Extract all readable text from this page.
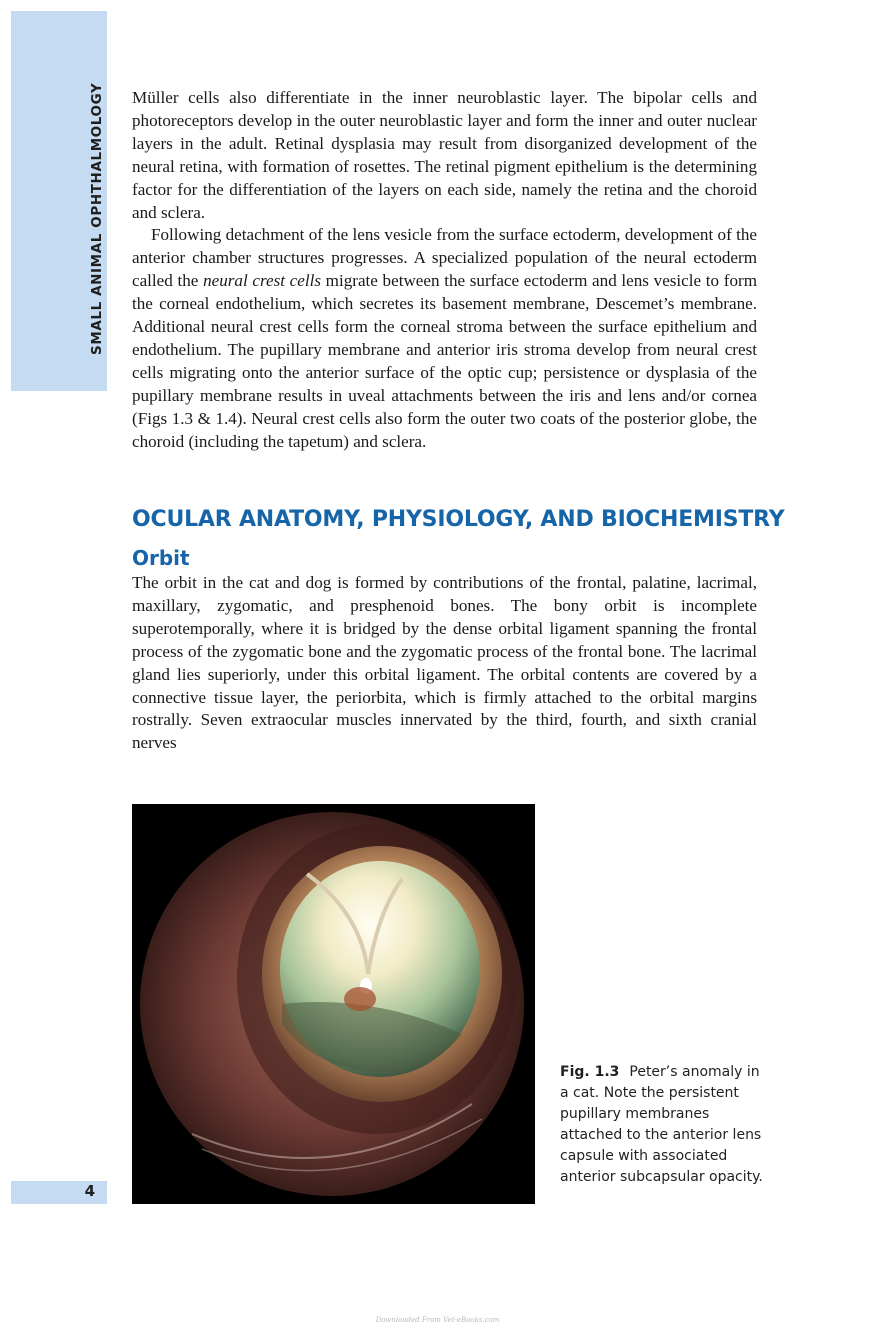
SMALL ANIMAL OPHTHALMOLOGY
4

Müller cells also differentiate in the inner neuroblastic layer. The bipolar cells and photoreceptors develop in the outer neuroblastic layer and form the inner and outer nuclear layers in the adult. Retinal dysplasia may result from disorganized development of the neural retina, with formation of rosettes. The retinal pigment epithelium is the determining factor for the differentiation of the layers on each side, namely the retina and the choroid and sclera.

Following detachment of the lens vesicle from the surface ectoderm, development of the anterior chamber structures progresses. A specialized population of the neural ectoderm called the neural crest cells migrate between the surface ectoderm and lens vesicle to form the corneal endothelium, which secretes its basement membrane, Descemet’s membrane. Additional neural crest cells form the corneal stroma between the surface epithelium and endothelium. The pupillary membrane and anterior iris stroma develop from neural crest cells migrating onto the anterior surface of the optic cup; persistence or dysplasia of the pupillary membrane results in uveal attachments between the iris and lens and/or cornea (Figs 1.3 & 1.4). Neural crest cells also form the outer two coats of the posterior globe, the choroid (including the tapetum) and sclera.

OCULAR ANATOMY, PHYSIOLOGY, AND BIOCHEMISTRY
Orbit

The orbit in the cat and dog is formed by contributions of the frontal, palatine, lacrimal, maxillary, zygomatic, and presphenoid bones. The bony orbit is incomplete superotemporally, where it is bridged by the dense orbital ligament spanning the frontal process of the zygomatic bone and the zygomatic process of the frontal bone. The lacrimal gland lies superiorly, under this orbital ligament. The orbital contents are covered by a connective tissue layer, the periorbita, which is firmly attached to the orbital margins rostrally. Seven extraocular muscles innervated by the third, fourth, and sixth cranial nerves

Fig. 1.3 Peter’s anomaly in a cat. Note the persistent pupillary membranes attached to the anterior lens capsule with associated anterior subcapsular opacity.
Downloaded From Vet-eBooks.com
